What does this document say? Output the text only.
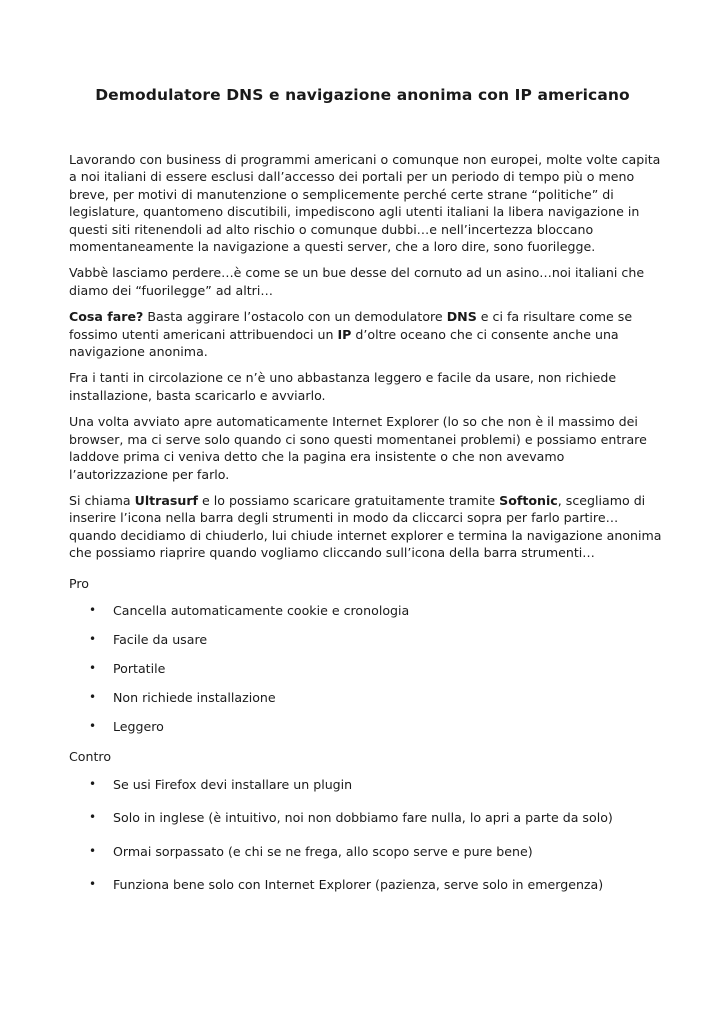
Demodulatore DNS e navigazione anonima con IP americano

Lavorando con business di programmi americani o comunque non europei, molte volte capita a noi italiani di essere esclusi dall’accesso dei portali per un periodo di tempo più o meno breve, per motivi di manutenzione o semplicemente perché certe strane “politiche” di legislature, quantomeno discutibili, impediscono agli utenti italiani la libera navigazione in questi siti ritenendoli ad alto rischio o comunque dubbi…e nell’incertezza bloccano momentaneamente la navigazione a questi server, che a loro dire, sono fuorilegge.

Vabbè lasciamo perdere…è come se un bue desse del cornuto ad un asino…noi italiani che diamo dei “fuorilegge” ad altri…

Cosa fare? Basta aggirare l’ostacolo con un demodulatore DNS e ci fa risultare come se fossimo utenti americani attribuendoci un IP d’oltre oceano che ci consente anche una navigazione anonima.

Fra i tanti in circolazione ce n’è uno abbastanza leggero e facile da usare, non richiede installazione, basta scaricarlo e avviarlo.

Una volta avviato apre automaticamente Internet Explorer (lo so che non è il massimo dei browser, ma ci serve solo quando ci sono questi momentanei problemi) e possiamo entrare laddove prima ci veniva detto che la pagina era insistente o che non avevamo l’autorizzazione per farlo.

Si chiama Ultrasurf e lo possiamo scaricare gratuitamente tramite Softonic, scegliamo di inserire l’icona nella barra degli strumenti in modo da cliccarci sopra per farlo partire…quando decidiamo di chiuderlo, lui chiude internet explorer e termina la navigazione anonima che possiamo riaprire quando vogliamo cliccando sull’icona della barra strumenti…

Pro

• Cancella automaticamente cookie e cronologia
• Facile da usare
• Portatile
• Non richiede installazione
• Leggero

Contro

• Se usi Firefox devi installare un plugin
• Solo in inglese (è intuitivo, noi non dobbiamo fare nulla, lo apri a parte da solo)
• Ormai sorpassato (e chi se ne frega, allo scopo serve e pure bene)
• Funziona bene solo con Internet Explorer (pazienza, serve solo in emergenza)
